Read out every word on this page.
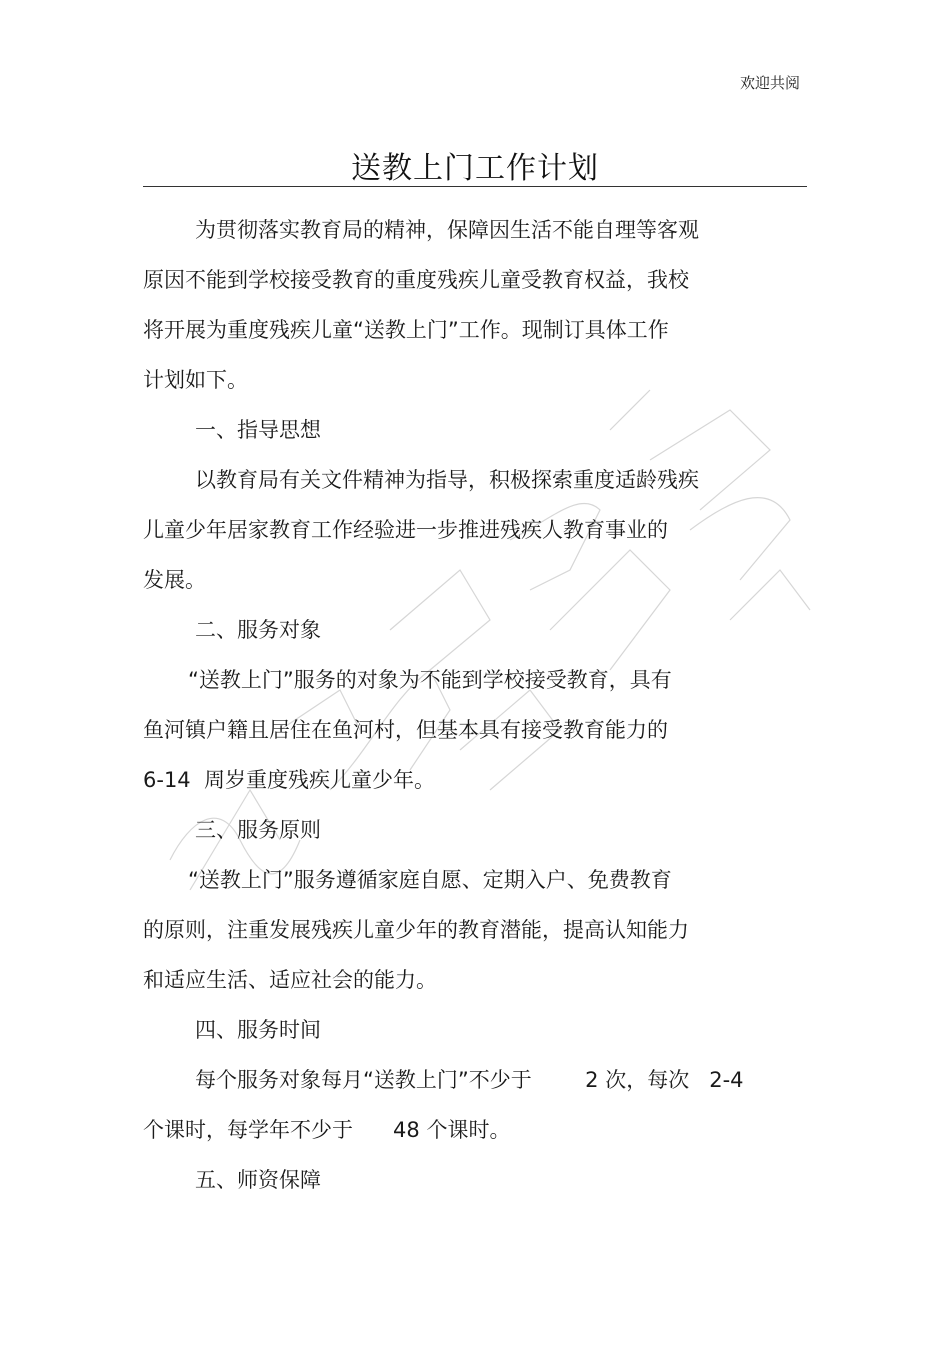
欢迎共阅
送教上门工作计划
为贯彻落实教育局的精神，保障因生活不能自理等客观
原因不能到学校接受教育的重度残疾儿童受教育权益，我校
将开展为重度残疾儿童“送教上门”工作。现制订具体工作
计划如下。
一、指导思想
以教育局有关文件精神为指导，积极探索重度适龄残疾
儿童少年居家教育工作经验进一步推进残疾人教育事业的
发展。
二、服务对象
“送教上门”服务的对象为不能到学校接受教育，具有
鱼河镇户籍且居住在鱼河村，但基本具有接受教育能力的
6-14  周岁重度残疾儿童少年。
三、服务原则
“送教上门”服务遵循家庭自愿、定期入户、免费教育
的原则，注重发展残疾儿童少年的教育潜能，提高认知能力
和适应生活、适应社会的能力。
四、服务时间
每个服务对象每月“送教上门”不少于        2 次，每次   2-4
个课时，每学年不少于      48 个课时。
五、师资保障
